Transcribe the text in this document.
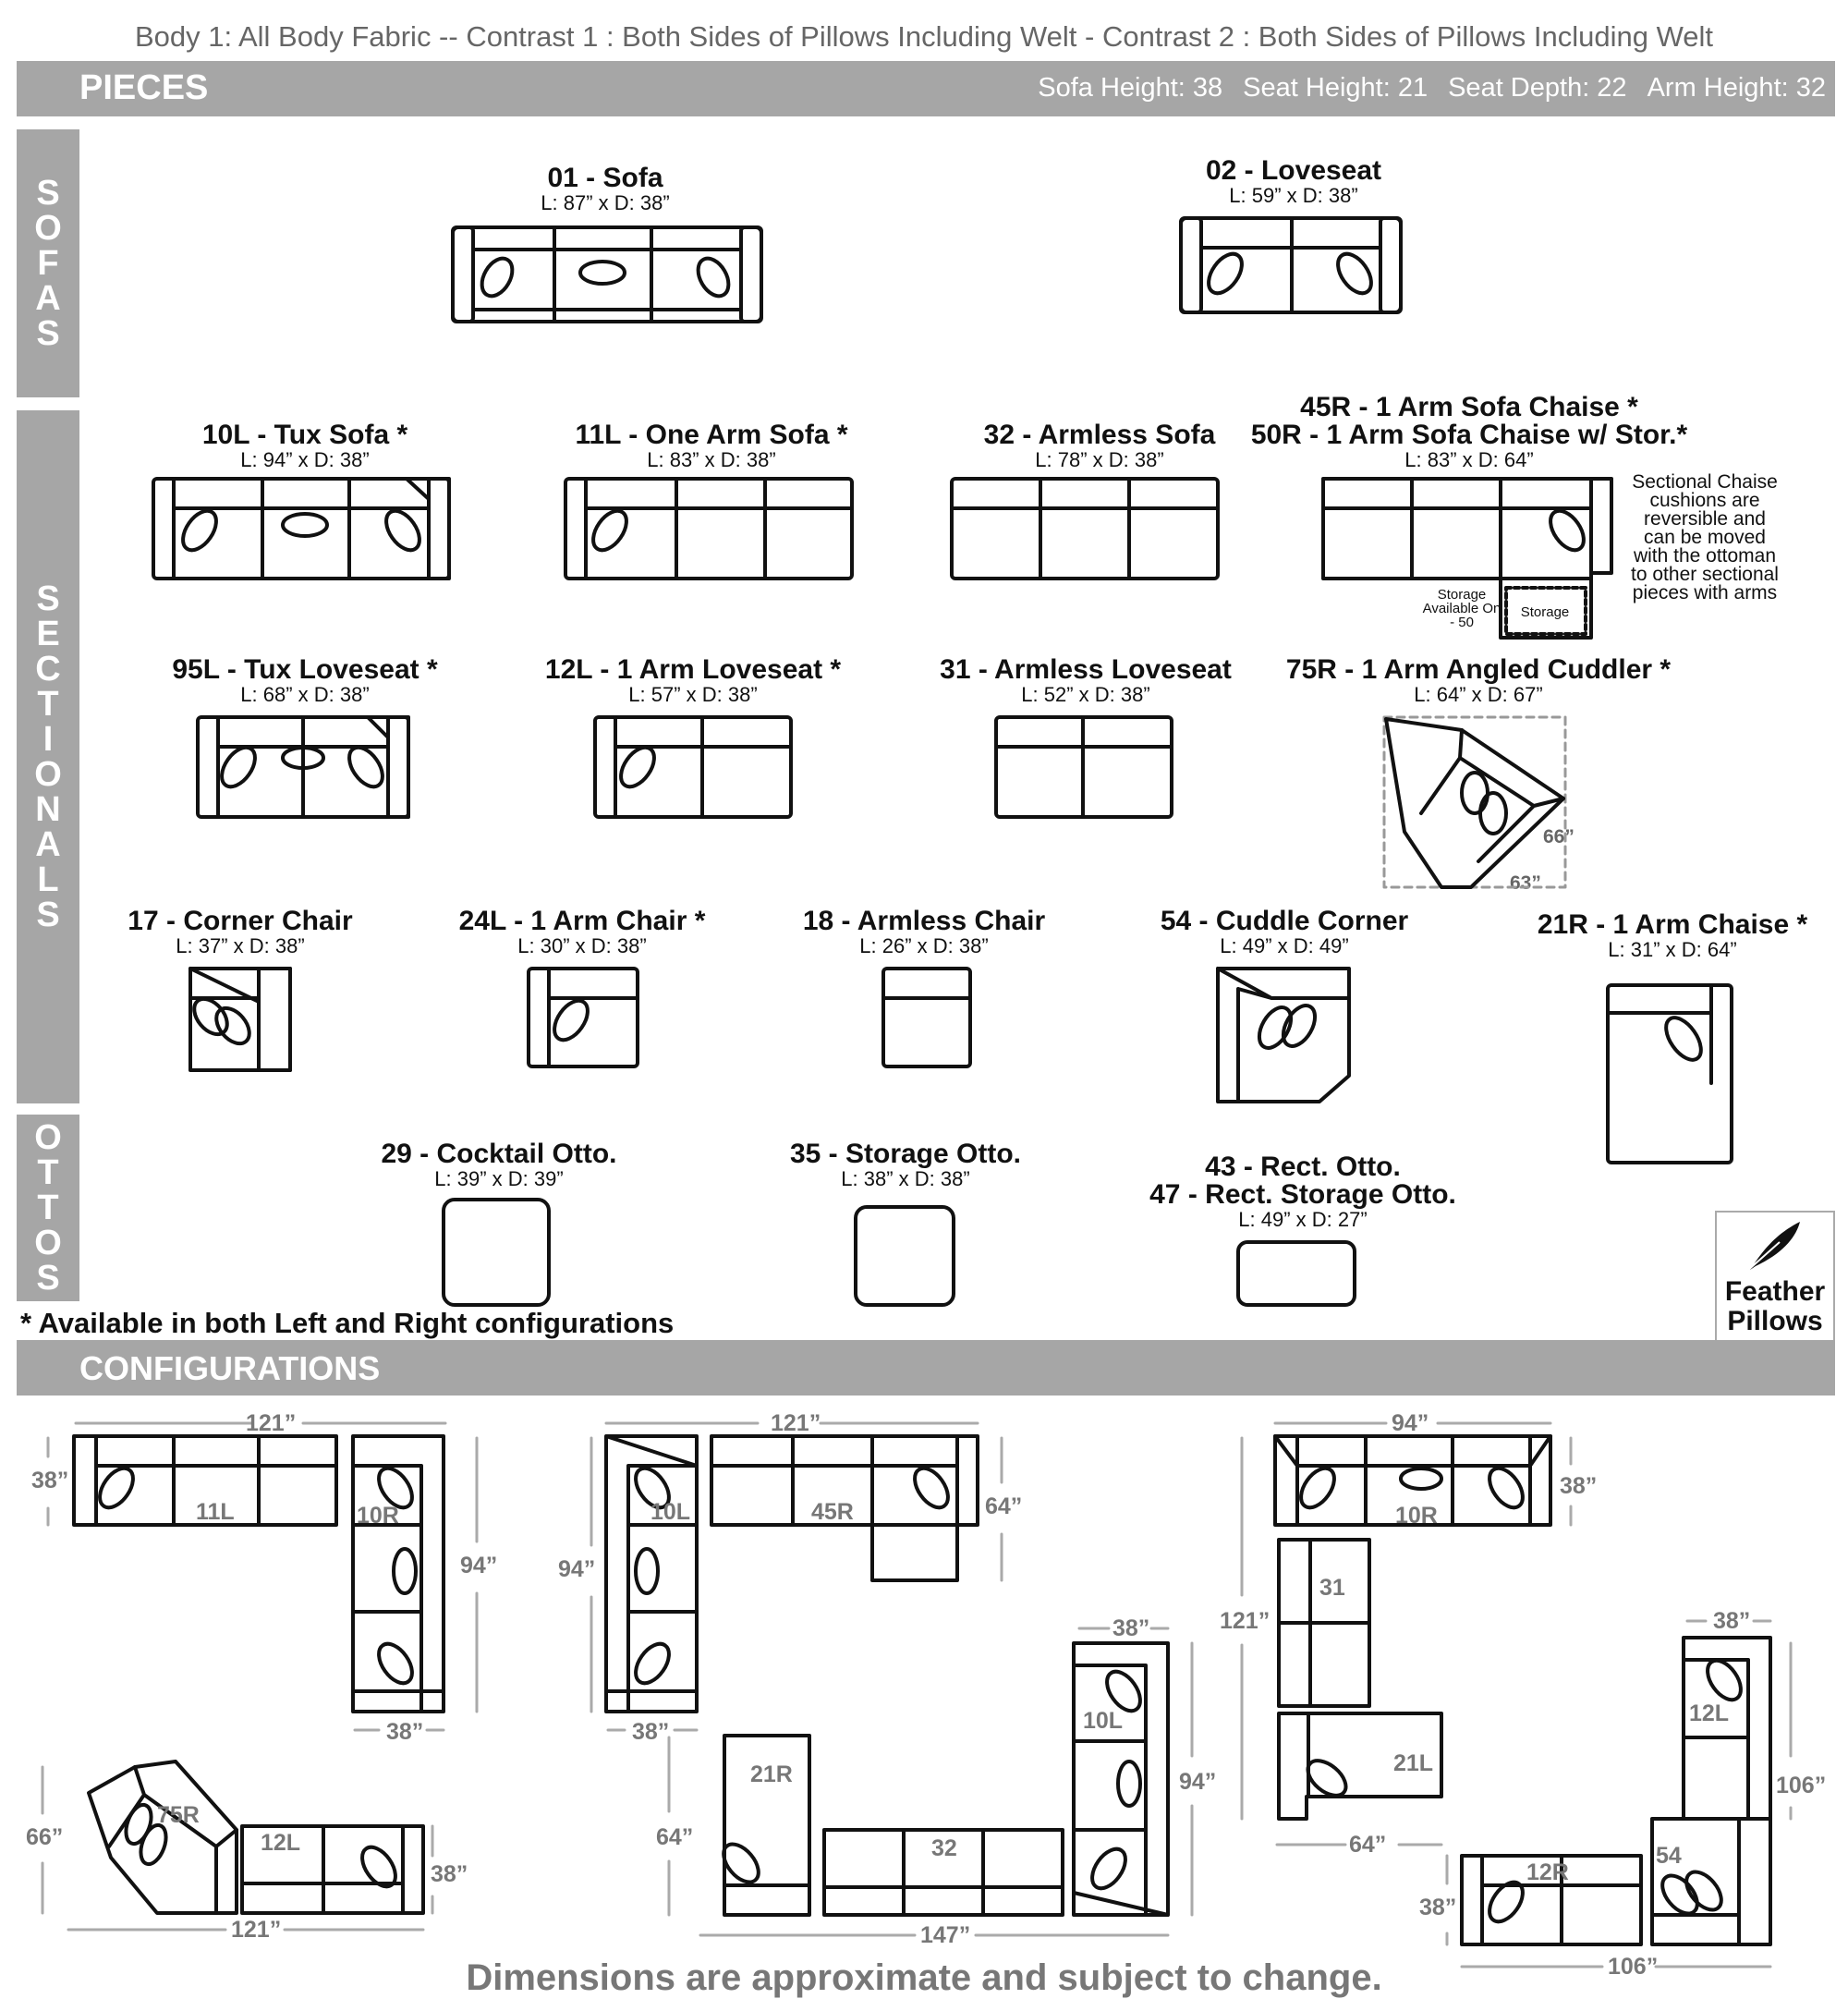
Body 1: All Body Fabric -- Contrast 1 : Both Sides of Pillows Including Welt - Contrast 2 : Both Sides of Pillows Including Welt
PIECES	Sofa Height: 38 Seat Height: 21 Seat Depth: 22 Arm Height: 32
S
O
F
A
S
S
E
C
T
I
O
N
A
L
S
O
T
T
O
S
01 - Sofa
L: 87” x D: 38”
02 - Loveseat
L: 59” x D: 38”
10L - Tux Sofa *
L: 94” x D: 38”
11L - One Arm Sofa *
L: 83” x D: 38”
32 - Armless Sofa
L: 78” x D: 38”
45R - 1 Arm Sofa Chaise *
50R - 1 Arm Sofa Chaise w/ Stor.*
L: 83” x D: 64”
Sectional Chaise cushions are reversible and can be moved with the ottoman to other sectional pieces with arms
Storage Available On - 50
Storage
95L - Tux Loveseat *
L: 68” x D: 38”
12L - 1 Arm Loveseat *
L: 57” x D: 38”
31 - Armless Loveseat
L: 52” x D: 38”
75R - 1 Arm Angled Cuddler *
L: 64” x D: 67”
66”
63”
17 - Corner Chair
L: 37” x D: 38”
24L - 1 Arm Chair *
L: 30” x D: 38”
18 - Armless Chair
L: 26” x D: 38”
54 - Cuddle Corner
L: 49” x D: 49”
21R - 1 Arm Chaise *
L: 31” x D: 64”
29 - Cocktail Otto.
L: 39” x D: 39”
35 - Storage Otto.
L: 38” x D: 38”	43 - Rect. Otto.
47 - Rect. Storage Otto.
L: 49” x D: 27”
* Available in both Left and Right configurations
Feather
Pillows
CONFIGURATIONS
121”
38”
94”
38”
11L	10R
121”
94”
64”
38”
10L	45R
94”
121”
38”
64”
10R
31
21L
121”
66”
38”
75R
12L
147”
38”
64”
94”
21R
32
10L
106”
38”
38”
106”
12R
54
12L
Dimensions are approximate and subject to change.
